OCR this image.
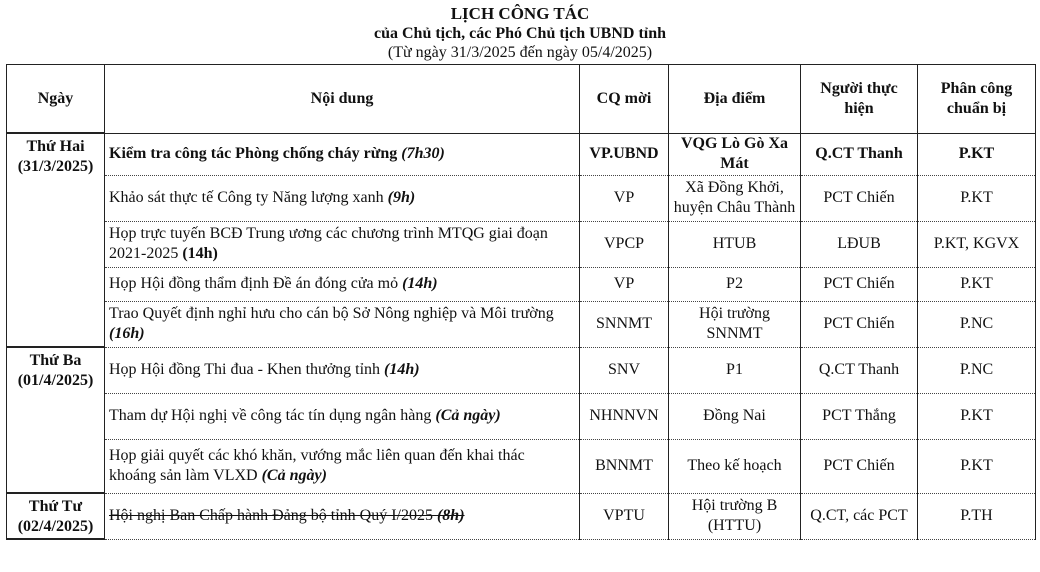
LỊCH CÔNG TÁC
của Chủ tịch, các Phó Chủ tịch UBND tỉnh
(Từ ngày 31/3/2025 đến ngày 05/4/2025)
Ngày	Nội dung	CQ mời	Địa điểm	Người thực hiện	Phân công chuẩn bị

Thứ Hai
(31/3/2025)	Kiểm tra công tác Phòng chống cháy rừng (7h30)	VP.UBND	VQG Lò Gò Xa Mát	Q.CT Thanh	P.KT
	Khảo sát thực tế Công ty Năng lượng xanh (9h)	VP	Xã Đồng Khởi, huyện Châu Thành	PCT Chiến	P.KT
	Họp trực tuyến BCĐ Trung ương các chương trình MTQG giai đoạn 2021-2025 (14h)	VPCP	HTUB	LĐUB	P.KT, KGVX
	Họp Hội đồng thẩm định Đề án đóng cửa mỏ (14h)	VP	P2	PCT Chiến	P.KT
	Trao Quyết định nghỉ hưu cho cán bộ Sở Nông nghiệp và Môi trường (16h)	SNNMT	Hội trường SNNMT	PCT Chiến	P.NC

Thứ Ba
(01/4/2025)	Họp Hội đồng Thi đua - Khen thưởng tỉnh (14h)	SNV	P1	Q.CT Thanh	P.NC
	Tham dự Hội nghị về công tác tín dụng ngân hàng (Cả ngày)	NHNNVN	Đồng Nai	PCT Thắng	P.KT
	Họp giải quyết các khó khăn, vướng mắc liên quan đến khai thác khoáng sản làm VLXD (Cả ngày)	BNNMT	Theo kế hoạch	PCT Chiến	P.KT

Thứ Tư
(02/4/2025)	Hội nghị Ban Chấp hành Đảng bộ tỉnh Quý I/2025 (8h)	VPTU	Hội trường B (HTTU)	Q.CT, các PCT	P.TH
